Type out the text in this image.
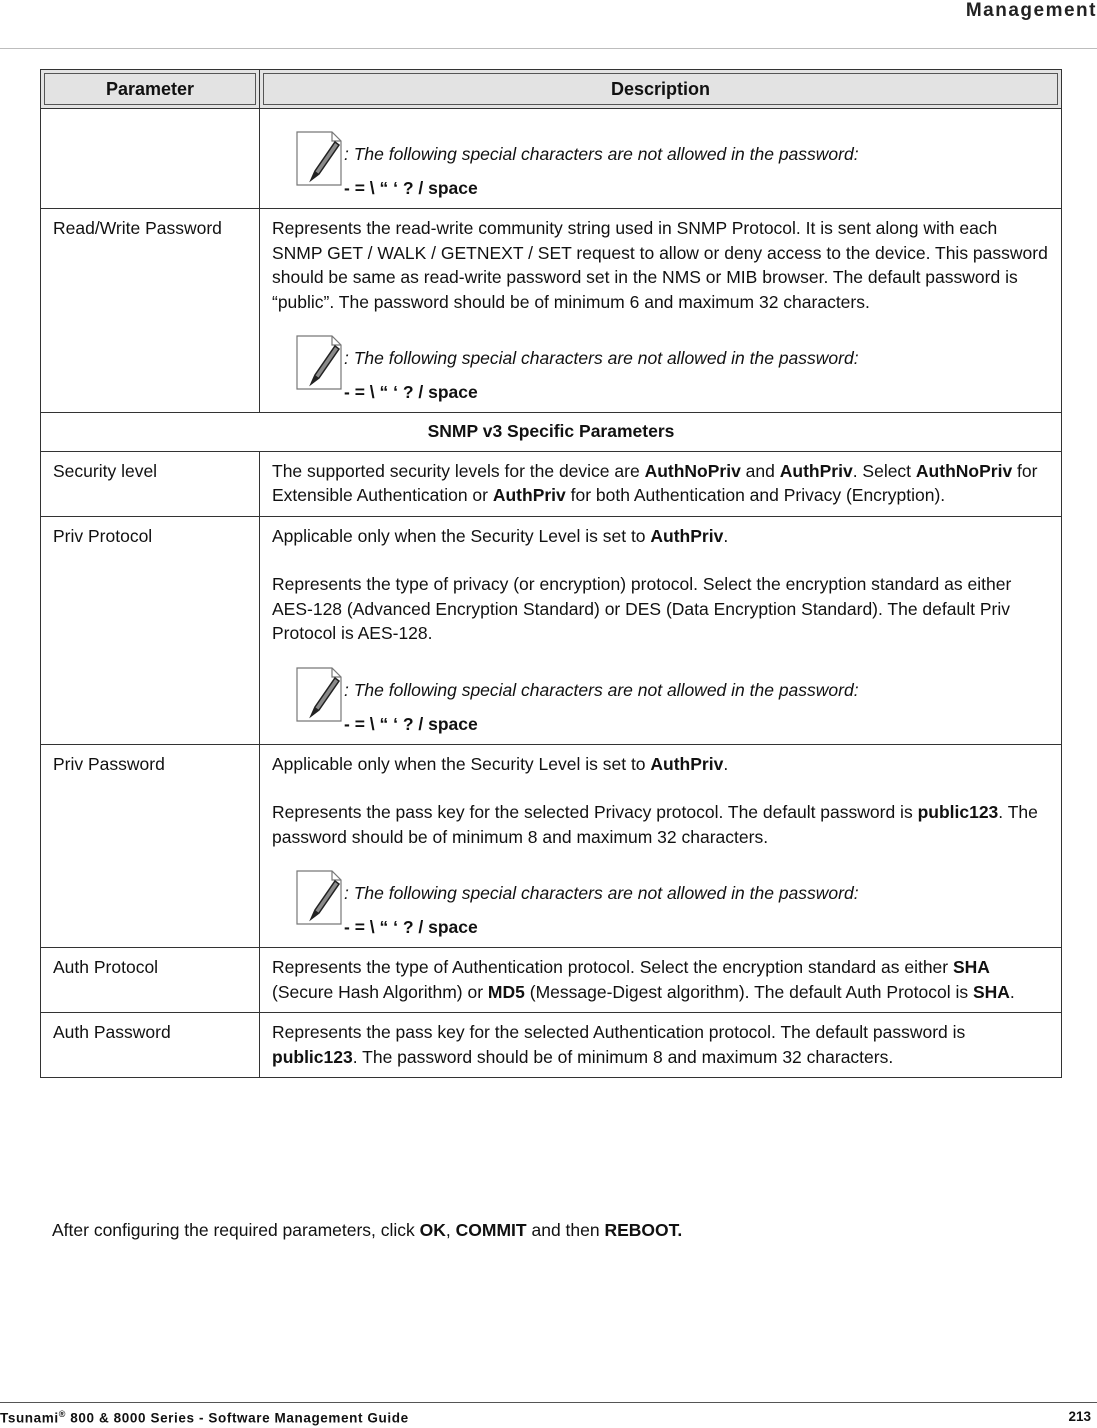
Management
Parameter	Description

	: The following special characters are not allowed in the password:
- = \ “ ‘ ? / space

Read/Write Password	Represents the read-write community string used in SNMP Protocol. It is sent along with each SNMP GET / WALK / GETNEXT / SET request to allow or deny access to the device. This password should be same as read-write password set in the NMS or MIB browser. The default password is “public”. The password should be of minimum 6 and maximum 32 characters.

: The following special characters are not allowed in the password:
- = \ “ ‘ ? / space

SNMP v3 Specific Parameters	
Security level	The supported security levels for the device are AuthNoPriv and AuthPriv. Select AuthNoPriv for Extensible Authentication or AuthPriv for both Authentication and Privacy (Encryption).

Priv Protocol	Applicable only when the Security Level is set to AuthPriv.

Represents the type of privacy (or encryption) protocol. Select the encryption standard as either AES-128 (Advanced Encryption Standard) or DES (Data Encryption Standard). The default Priv Protocol is AES-128.

: The following special characters are not allowed in the password:
- = \ “ ‘ ? / space

Priv Password	Applicable only when the Security Level is set to AuthPriv.

Represents the pass key for the selected Privacy protocol. The default password is public123. The password should be of minimum 8 and maximum 32 characters.

: The following special characters are not allowed in the password:
- = \ “ ‘ ? / space

Auth Protocol	Represents the type of Authentication protocol. Select the encryption standard as either SHA (Secure Hash Algorithm) or MD5 (Message-Digest algorithm). The default Auth Protocol is SHA.

Auth Password	Represents the pass key for the selected Authentication protocol. The default password is public123. The password should be of minimum 8 and maximum 32 characters.

After configuring the required parameters, click OK, COMMIT and then REBOOT.
Tsunami® 800 & 8000 Series - Software Management Guide	213
